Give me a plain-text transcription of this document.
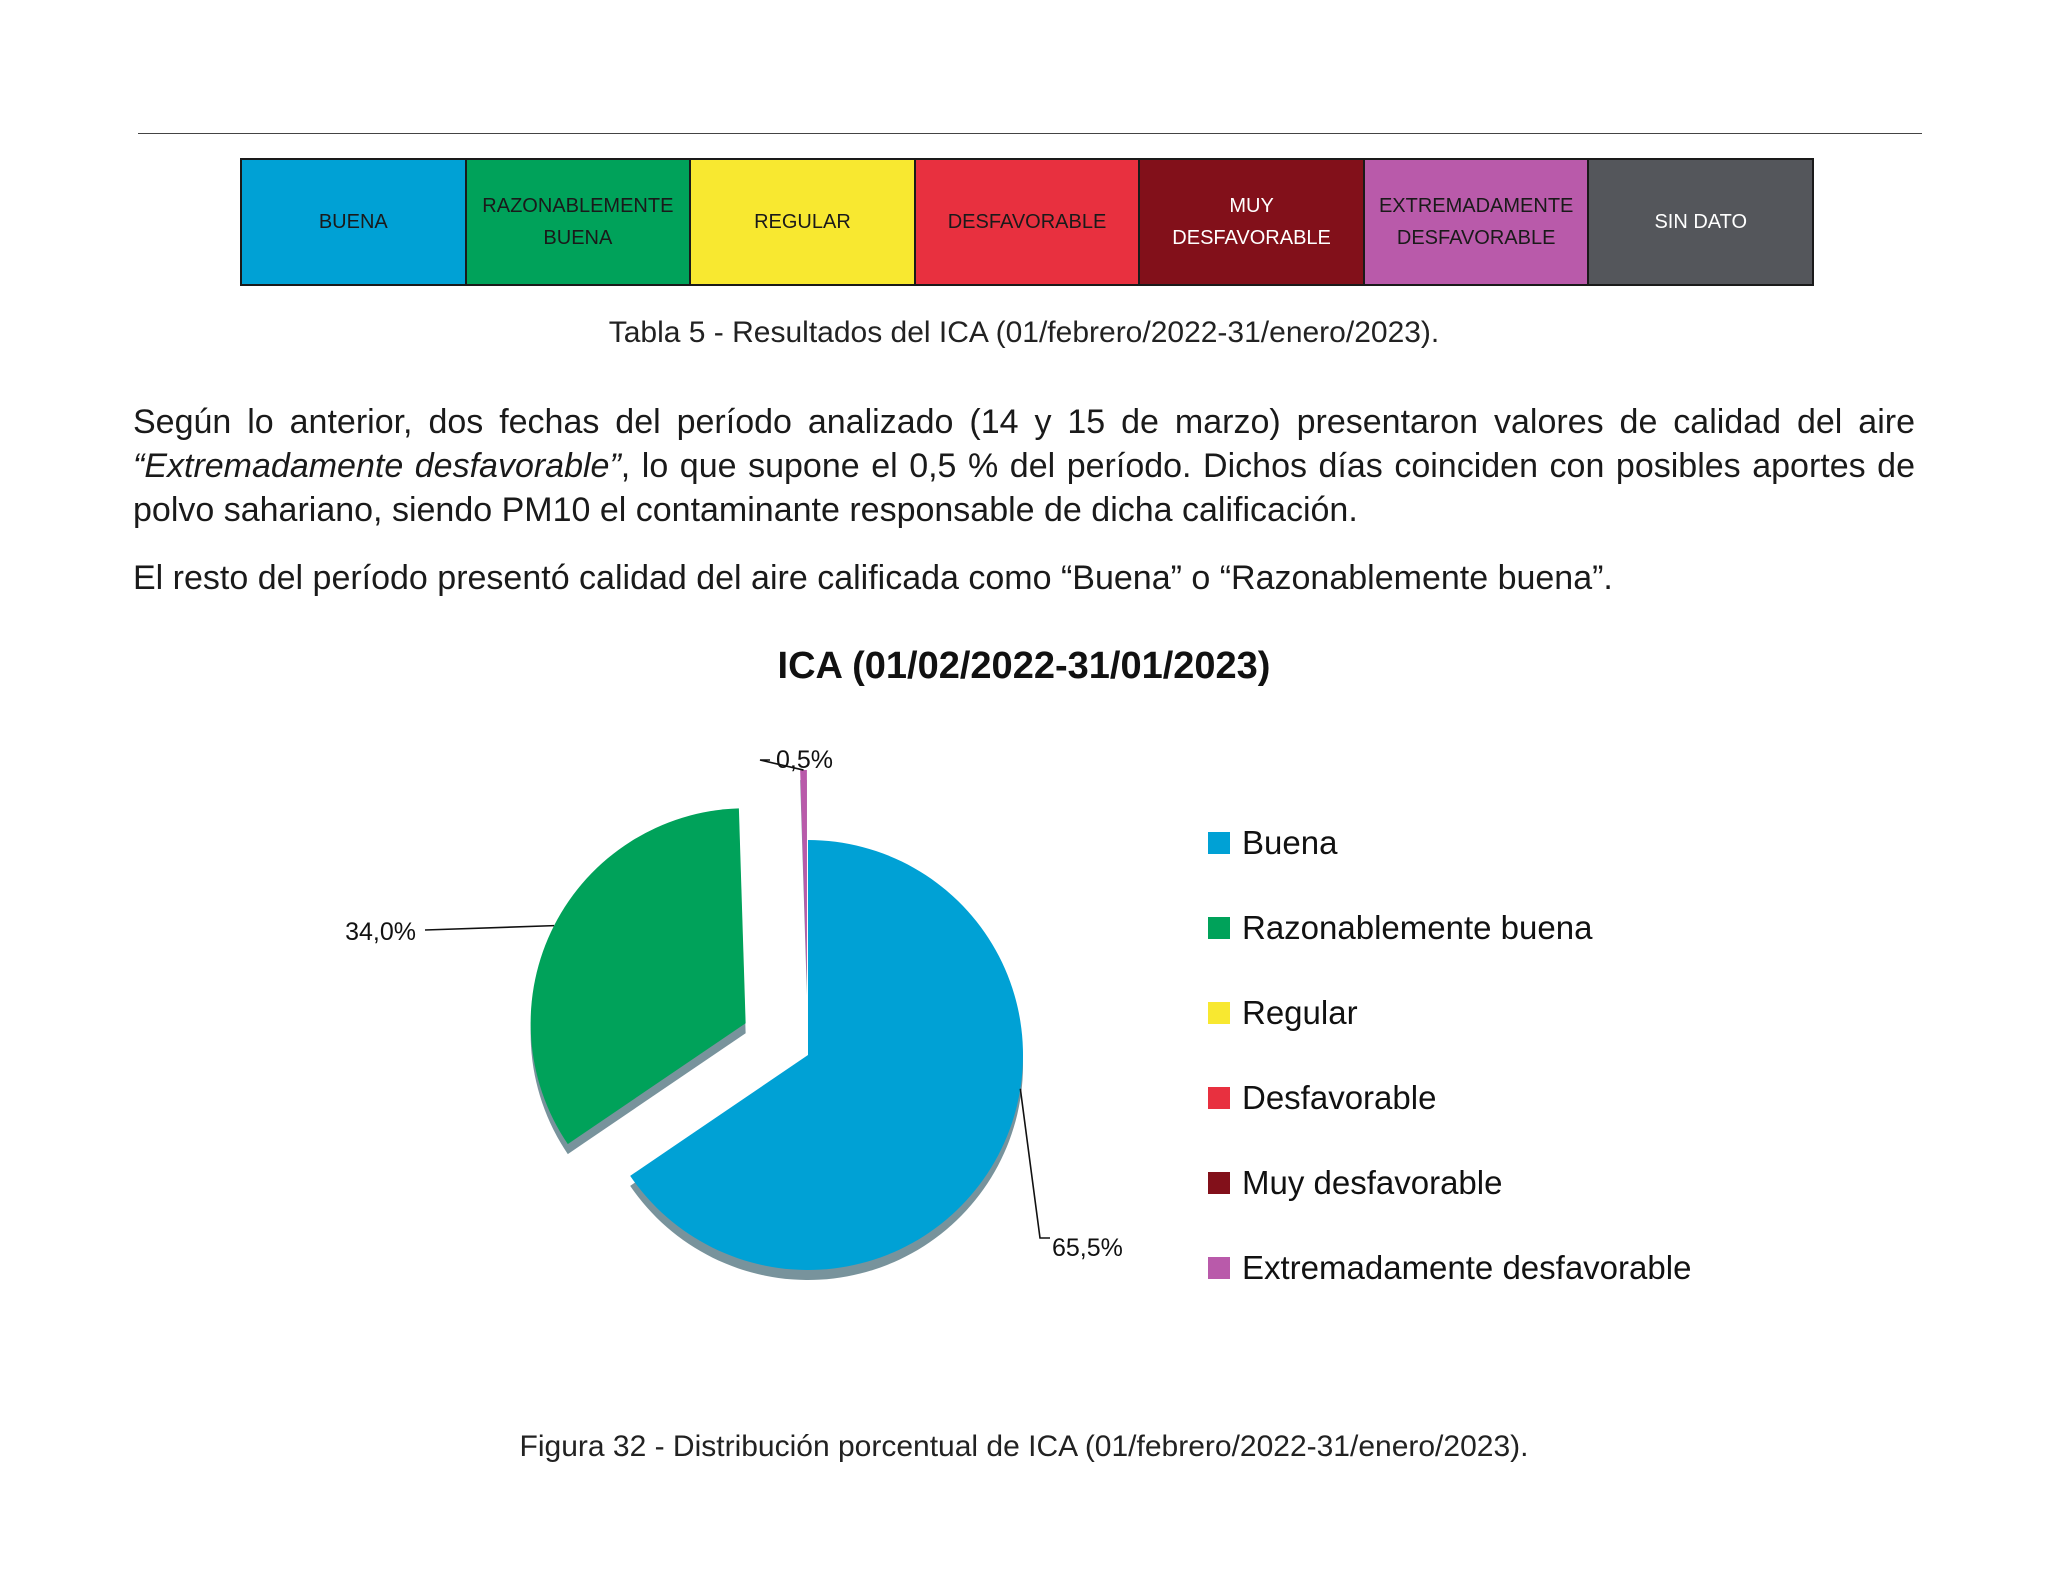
BUENA
RAZONABLEMENTE BUENA
REGULAR	DESFAVORABLE
MUY DESFAVORABLE
EXTREMADAMENTE DESFAVORABLE
SIN DATO
Tabla 5 - Resultados del ICA (01/febrero/2022-31/enero/2023).

Según lo anterior, dos fechas del período analizado (14 y 15 de marzo) presentaron valores de calidad del aire “Extremadamente desfavorable”, lo que supone el 0,5 % del período. Dichos días coinciden con posibles aportes de polvo sahariano, siendo PM10 el contaminante responsable de dicha calificación.

El resto del período presentó calidad del aire calificada como “Buena” o “Razonablemente buena”.

ICA (01/02/2022-31/01/2023)
65,5%
34,0%
0,5%
Buena
Razonablemente buena
Regular
Desfavorable
Muy desfavorable
Extremadamente desfavorable
Figura 32 - Distribución porcentual de ICA (01/febrero/2022-31/enero/2023).
